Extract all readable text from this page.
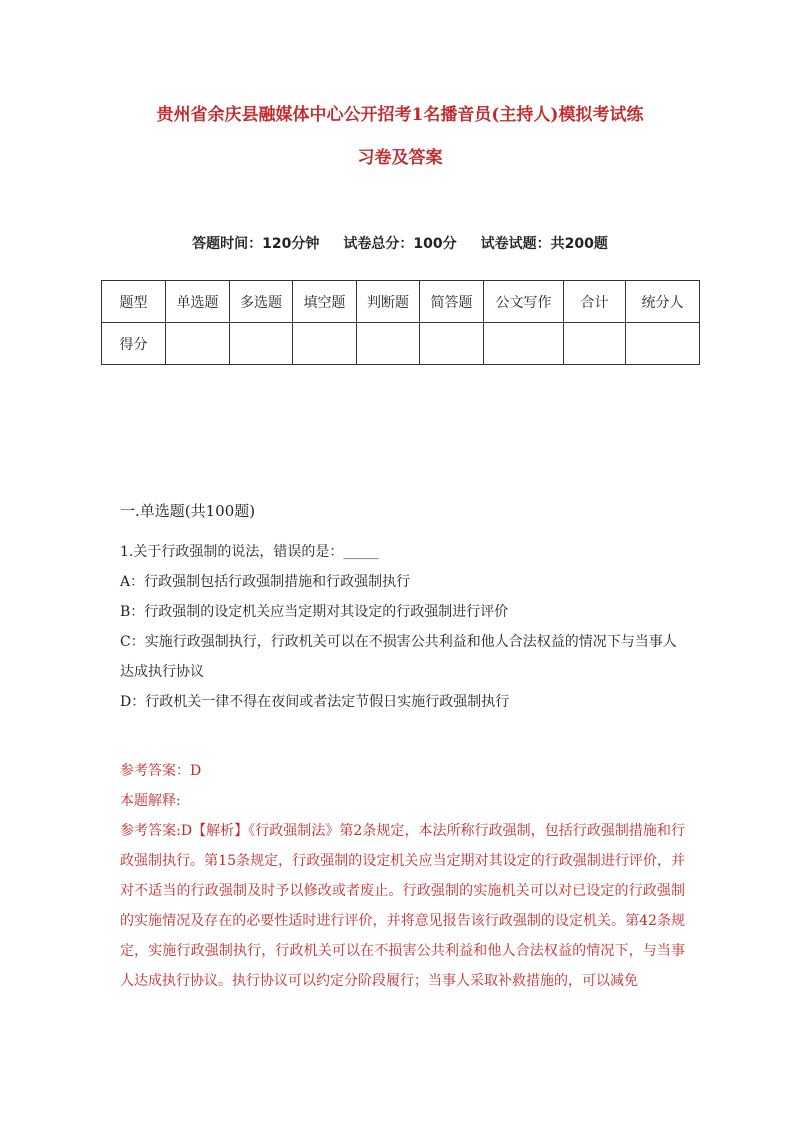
贵州省余庆县融媒体中心公开招考1名播音员(主持人)模拟考试练
习卷及答案
答题时间：120分钟 试卷总分：100分 试卷试题：共200题
题型	单选题	多选题	填空题	判断题	简答题	公文写作	合计	统分人
得分								
一.单选题(共100题)

1.关于行政强制的说法，错误的是：_____

A：行政强制包括行政强制措施和行政强制执行

B：行政强制的设定机关应当定期对其设定的行政强制进行评价

C：实施行政强制执行，行政机关可以在不损害公共利益和他人合法权益的情况下与当事人达成执行协议

D：行政机关一律不得在夜间或者法定节假日实施行政强制执行

参考答案：D

本题解释:

参考答案:D【解析】《行政强制法》第2条规定，本法所称行政强制，包括行政强制措施和行政强制执行。第15条规定，行政强制的设定机关应当定期对其设定的行政强制进行评价，并对不适当的行政强制及时予以修改或者废止。行政强制的实施机关可以对已设定的行政强制的实施情况及存在的必要性适时进行评价，并将意见报告该行政强制的设定机关。第42条规定，实施行政强制执行，行政机关可以在不损害公共利益和他人合法权益的情况下，与当事人达成执行协议。执行协议可以约定分阶段履行；当事人采取补救措施的，可以减免
